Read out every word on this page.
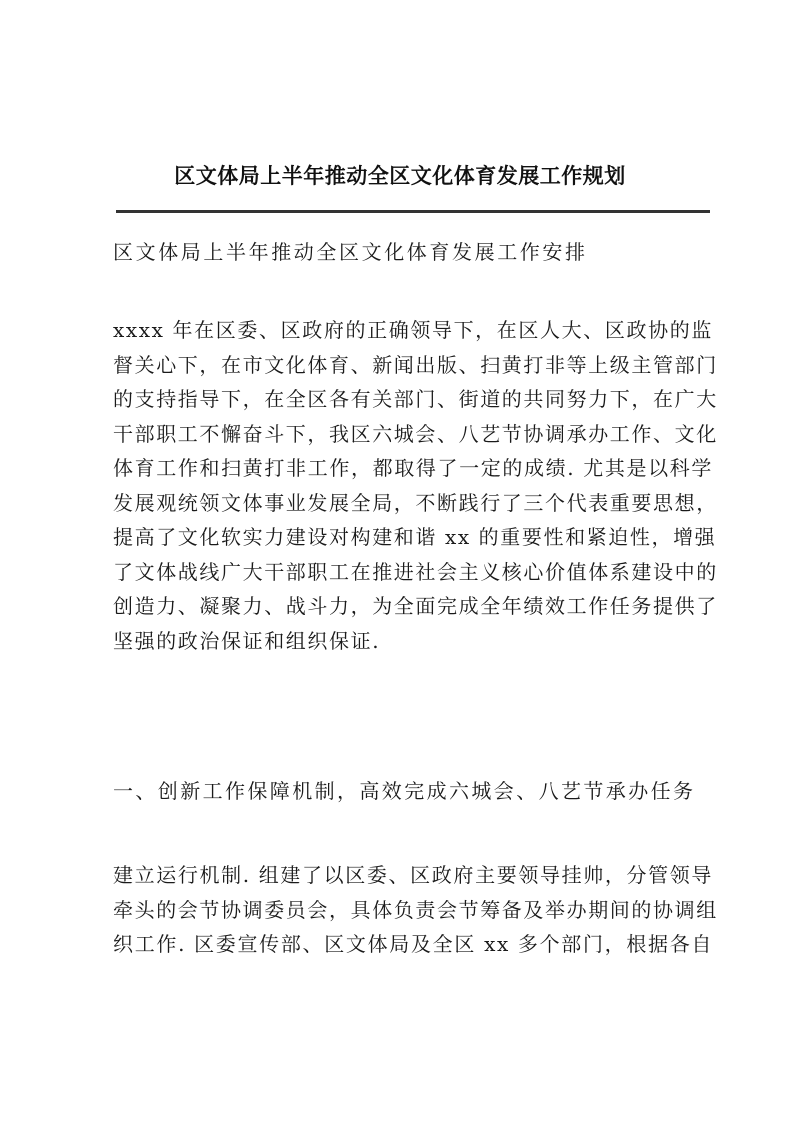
区文体局上半年推动全区文化体育发展工作规划
区文体局上半年推动全区文化体育发展工作安排
xxxx 年在区委、区政府的正确领导下，在区人大、区政协的监
督关心下，在市文化体育、新闻出版、扫黄打非等上级主管部门
的支持指导下，在全区各有关部门、街道的共同努力下，在广大
干部职工不懈奋斗下，我区六城会、八艺节协调承办工作、文化
体育工作和扫黄打非工作，都取得了一定的成绩. 尤其是以科学
发展观统领文体事业发展全局，不断践行了三个代表重要思想，
提高了文化软实力建设对构建和谐 xx 的重要性和紧迫性，增强
了文体战线广大干部职工在推进社会主义核心价值体系建设中的
创造力、凝聚力、战斗力，为全面完成全年绩效工作任务提供了
坚强的政治保证和组织保证.
一、创新工作保障机制，高效完成六城会、八艺节承办任务
建立运行机制. 组建了以区委、区政府主要领导挂帅，分管领导
牵头的会节协调委员会，具体负责会节筹备及举办期间的协调组
织工作. 区委宣传部、区文体局及全区 xx 多个部门，根据各自
